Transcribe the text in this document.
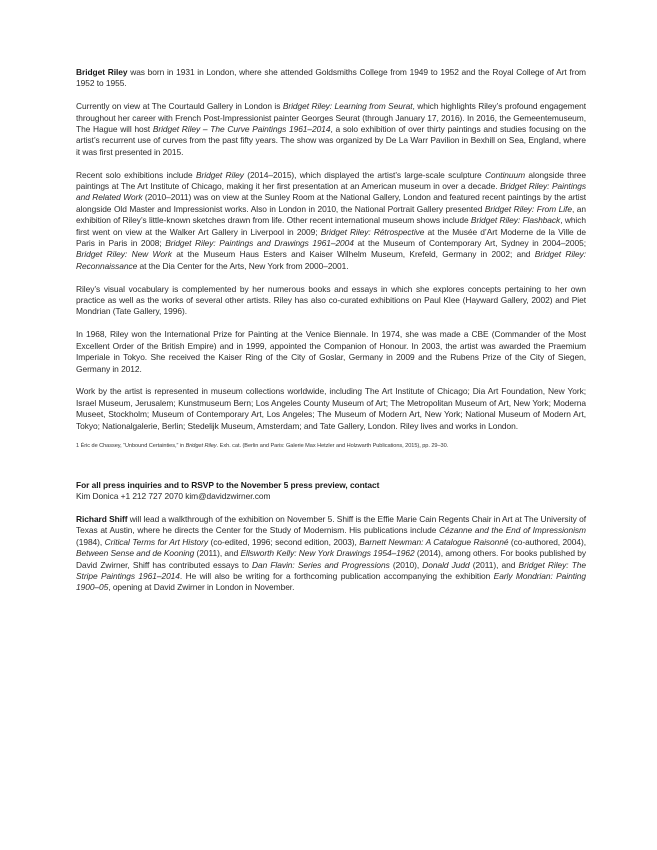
Bridget Riley was born in 1931 in London, where she attended Goldsmiths College from 1949 to 1952 and the Royal College of Art from 1952 to 1955.

Currently on view at The Courtauld Gallery in London is Bridget Riley: Learning from Seurat, which highlights Riley’s profound engagement throughout her career with French Post-Impressionist painter Georges Seurat (through January 17, 2016). In 2016, the Gemeentemuseum, The Hague will host Bridget Riley – The Curve Paintings 1961–2014, a solo exhibition of over thirty paintings and studies focusing on the artist’s recurrent use of curves from the past fifty years. The show was organized by De La Warr Pavilion in Bexhill on Sea, England, where it was first presented in 2015.

Recent solo exhibitions include Bridget Riley (2014–2015), which displayed the artist’s large-scale sculpture Continuum alongside three paintings at The Art Institute of Chicago, making it her first presentation at an American museum in over a decade. Bridget Riley: Paintings and Related Work (2010–2011) was on view at the Sunley Room at the National Gallery, London and featured recent paintings by the artist alongside Old Master and Impressionist works. Also in London in 2010, the National Portrait Gallery presented Bridget Riley: From Life, an exhibition of Riley’s little-known sketches drawn from life. Other recent international museum shows include Bridget Riley: Flashback, which first went on view at the Walker Art Gallery in Liverpool in 2009; Bridget Riley: Rétrospective at the Musée d’Art Moderne de la Ville de Paris in Paris in 2008; Bridget Riley: Paintings and Drawings 1961–2004 at the Museum of Contemporary Art, Sydney in 2004–2005; Bridget Riley: New Work at the Museum Haus Esters and Kaiser Wilhelm Museum, Krefeld, Germany in 2002; and Bridget Riley: Reconnaissance at the Dia Center for the Arts, New York from 2000–2001.

Riley’s visual vocabulary is complemented by her numerous books and essays in which she explores concepts pertaining to her own practice as well as the works of several other artists. Riley has also co-curated exhibitions on Paul Klee (Hayward Gallery, 2002) and Piet Mondrian (Tate Gallery, 1996).

In 1968, Riley won the International Prize for Painting at the Venice Biennale. In 1974, she was made a CBE (Commander of the Most Excellent Order of the British Empire) and in 1999, appointed the Companion of Honour. In 2003, the artist was awarded the Praemium Imperiale in Tokyo. She received the Kaiser Ring of the City of Goslar, Germany in 2009 and the Rubens Prize of the City of Siegen, Germany in 2012.

Work by the artist is represented in museum collections worldwide, including The Art Institute of Chicago; Dia Art Foundation, New York; Israel Museum, Jerusalem; Kunstmuseum Bern; Los Angeles County Museum of Art; The Metropolitan Museum of Art, New York; Moderna Museet, Stockholm; Museum of Contemporary Art, Los Angeles; The Museum of Modern Art, New York; National Museum of Modern Art, Tokyo; Nationalgalerie, Berlin; Stedelijk Museum, Amsterdam; and Tate Gallery, London. Riley lives and works in London.

1 Éric de Chassey, “Unbound Certainties,” in Bridget Riley. Exh. cat. (Berlin and Paris: Galerie Max Hetzler and Holzwarth Publications, 2015), pp. 29–30.

For all press inquiries and to RSVP to the November 5 press preview, contact

Kim Donica +1 212 727 2070 kim@davidzwirner.com

Richard Shiff will lead a walkthrough of the exhibition on November 5. Shiff is the Effie Marie Cain Regents Chair in Art at The University of Texas at Austin, where he directs the Center for the Study of Modernism. His publications include Cézanne and the End of Impressionism (1984), Critical Terms for Art History (co-edited, 1996; second edition, 2003), Barnett Newman: A Catalogue Raisonné (co-authored, 2004), Between Sense and de Kooning (2011), and Ellsworth Kelly: New York Drawings 1954–1962 (2014), among others. For books published by David Zwirner, Shiff has contributed essays to Dan Flavin: Series and Progressions (2010), Donald Judd (2011), and Bridget Riley: The Stripe Paintings 1961–2014. He will also be writing for a forthcoming publication accompanying the exhibition Early Mondrian: Painting 1900–05, opening at David Zwirner in London in November.
